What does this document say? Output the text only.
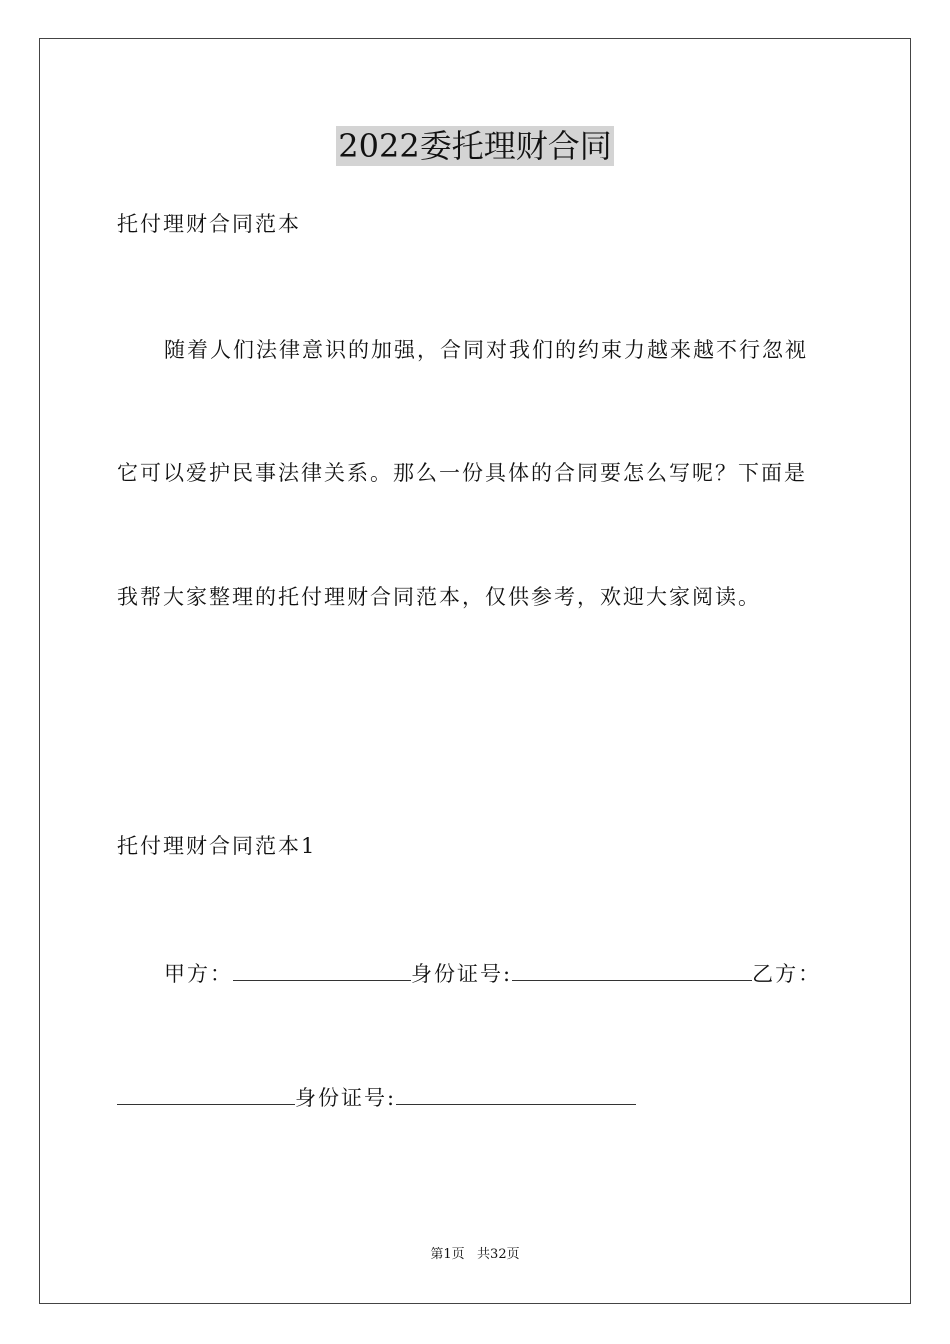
2022委托理财合同
托付理财合同范本
随着人们法律意识的加强，合同对我们的约束力越来越不行忽视
它可以爱护民事法律关系。那么一份具体的合同要怎么写呢？下面是
我帮大家整理的托付理财合同范本，仅供参考，欢迎大家阅读。
托付理财合同范本1
甲方：	身份证号:	乙方：
身份证号:
第1页   共32页
